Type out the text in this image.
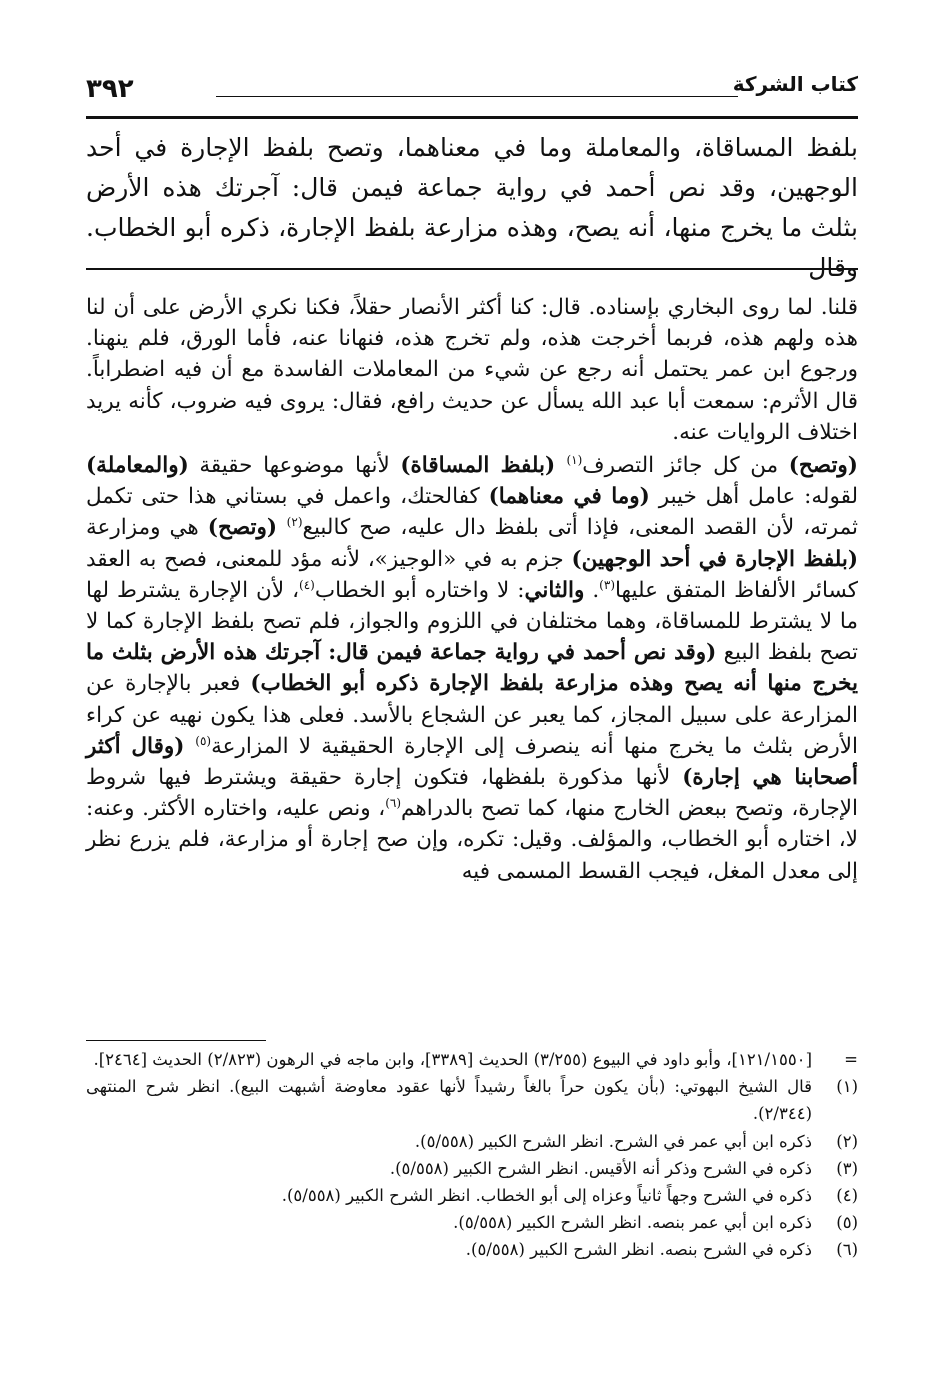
كتاب الشركة
٣٩٢

بلفظ المساقاة، والمعاملة وما في معناهما، وتصح بلفظ الإجارة في أحد الوجهين، وقد نص أحمد في رواية جماعة فيمن قال: آجرتك هذه الأرض بثلث ما يخرج منها، أنه يصح، وهذه مزارعة بلفظ الإجارة، ذكره أبو الخطاب. وقال

قلنا. لما روى البخاري بإسناده. قال: كنا أكثر الأنصار حقلاً، فكنا نكري الأرض على أن لنا هذه ولهم هذه، فربما أخرجت هذه، ولم تخرج هذه، فنهانا عنه، فأما الورق، فلم ينهنا. ورجوع ابن عمر يحتمل أنه رجع عن شيء من المعاملات الفاسدة مع أن فيه اضطراباً. قال الأثرم: سمعت أبا عبد الله يسأل عن حديث رافع، فقال: يروى فيه ضروب، كأنه يريد اختلاف الروايات عنه.

(وتصح) من كل جائز التصرف$^{(١)}$ (بلفظ المساقاة) لأنها موضوعها حقيقة (والمعاملة) لقوله: عامل أهل خيبر (وما في معناهما) كفالحتك، واعمل في بستاني هذا حتى تكمل ثمرته، لأن القصد المعنى، فإذا أتى بلفظ دال عليه، صح كالبيع$^{(٢)}$ (وتصح) هي ومزارعة (بلفظ الإجارة في أحد الوجهين) جزم به في «الوجيز»، لأنه مؤد للمعنى، فصح به العقد كسائر الألفاظ المتفق عليها$^{(٣)}$. والثاني: لا واختاره أبو الخطاب$^{(٤)}$، لأن الإجارة يشترط لها ما لا يشترط للمساقاة، وهما مختلفان في اللزوم والجواز، فلم تصح بلفظ الإجارة كما لا تصح بلفظ البيع (وقد نص أحمد في رواية جماعة فيمن قال: آجرتك هذه الأرض بثلث ما يخرج منها أنه يصح وهذه مزارعة بلفظ الإجارة ذكره أبو الخطاب) فعبر بالإجارة عن المزارعة على سبيل المجاز، كما يعبر عن الشجاع بالأسد. فعلى هذا يكون نهيه عن كراء الأرض بثلث ما يخرج منها أنه ينصرف إلى الإجارة الحقيقية لا المزارعة$^{(٥)}$ (وقال أكثر أصحابنا هي إجارة) لأنها مذكورة بلفظها، فتكون إجارة حقيقة ويشترط فيها شروط الإجارة، وتصح ببعض الخارج منها، كما تصح بالدراهم$^{(٦)}$، ونص عليه، واختاره الأكثر. وعنه: لا، اختاره أبو الخطاب، والمؤلف. وقيل: تكره، وإن صح إجارة أو مزارعة، فلم يزرع نظر إلى معدل المغل، فيجب القسط المسمى فيه

=
[١٢١/١٥٥٠]، وأبو داود في البيوع (٣/٢٥٥) الحديث [٣٣٨٩]، وابن ماجه في الرهون (٢/٨٢٣) الحديث [٢٤٦٤].
(١)
قال الشيخ البهوتي: (بأن يكون حراً بالغاً رشيداً لأنها عقود معاوضة أشبهت البيع). انظر شرح المنتهى (٢/٣٤٤).
(٢)
ذكره ابن أبي عمر في الشرح. انظر الشرح الكبير (٥/٥٥٨).
(٣)
ذكره في الشرح وذكر أنه الأقيس. انظر الشرح الكبير (٥/٥٥٨).
(٤)
ذكره في الشرح وجهاً ثانياً وعزاه إلى أبو الخطاب. انظر الشرح الكبير (٥/٥٥٨).
(٥)
ذكره ابن أبي عمر بنصه. انظر الشرح الكبير (٥/٥٥٨).
(٦)
ذكره في الشرح بنصه. انظر الشرح الكبير (٥/٥٥٨).
